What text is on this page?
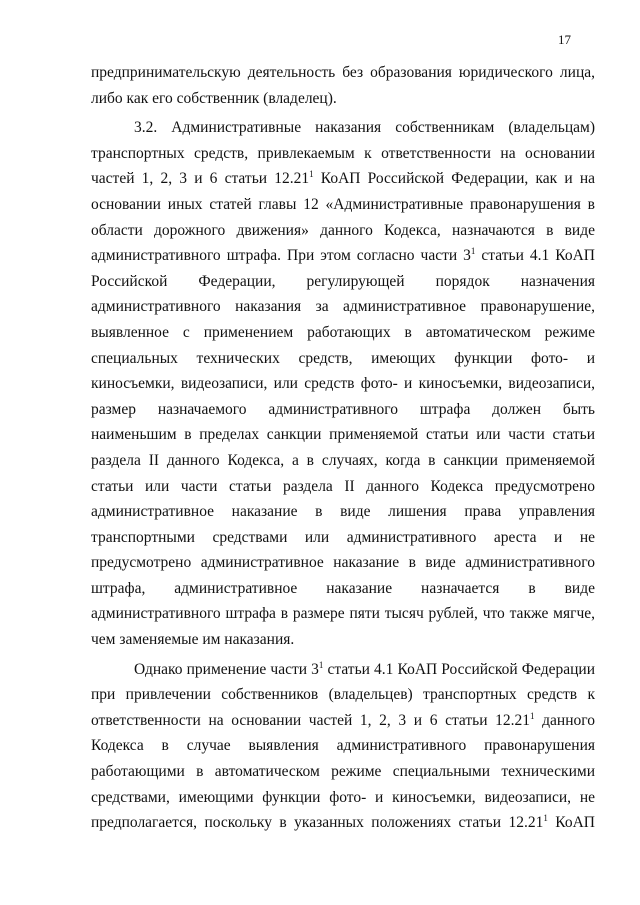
17
предпринимательскую деятельность без образования юридического лица,
либо как его собственник (владелец).
3.2. Административные наказания собственникам (владельцам)
транспортных средств, привлекаемым к ответственности на основании
частей 1, 2, 3 и 6 статьи 12.21$^1$ КоАП Российской Федерации, как и на
основании иных статей главы 12 «Административные правонарушения в
области дорожного движения» данного Кодекса, назначаются в виде
административного штрафа. При этом согласно части $3^1$ статьи 4.1 КоАП
Российской Федерации, регулирующей порядок назначения
административного наказания за административное правонарушение,
выявленное с применением работающих в автоматическом режиме
специальных технических средств, имеющих функции фото- и
киносъемки, видеозаписи, или средств фото- и киносъемки, видеозаписи,
размер назначаемого административного штрафа должен быть
наименьшим в пределах санкции применяемой статьи или части статьи
раздела II данного Кодекса, а в случаях, когда в санкции применяемой
статьи или части статьи раздела II данного Кодекса предусмотрено
административное наказание в виде лишения права управления
транспортными средствами или административного ареста и не
предусмотрено административное наказание в виде административного
штрафа, административное наказание назначается в виде
административного штрафа в размере пяти тысяч рублей, что также мягче,
чем заменяемые им наказания.
Однако применение части $3^1$ статьи 4.1 КоАП Российской Федерации
при привлечении собственников (владельцев) транспортных средств к
ответственности на основании частей 1, 2, 3 и 6 статьи 12.21$^1$ данного
Кодекса в случае выявления административного правонарушения
работающими в автоматическом режиме специальными техническими
средствами, имеющими функции фото- и киносъемки, видеозаписи, не
предполагается, поскольку в указанных положениях статьи 12.21$^1$ КоАП
